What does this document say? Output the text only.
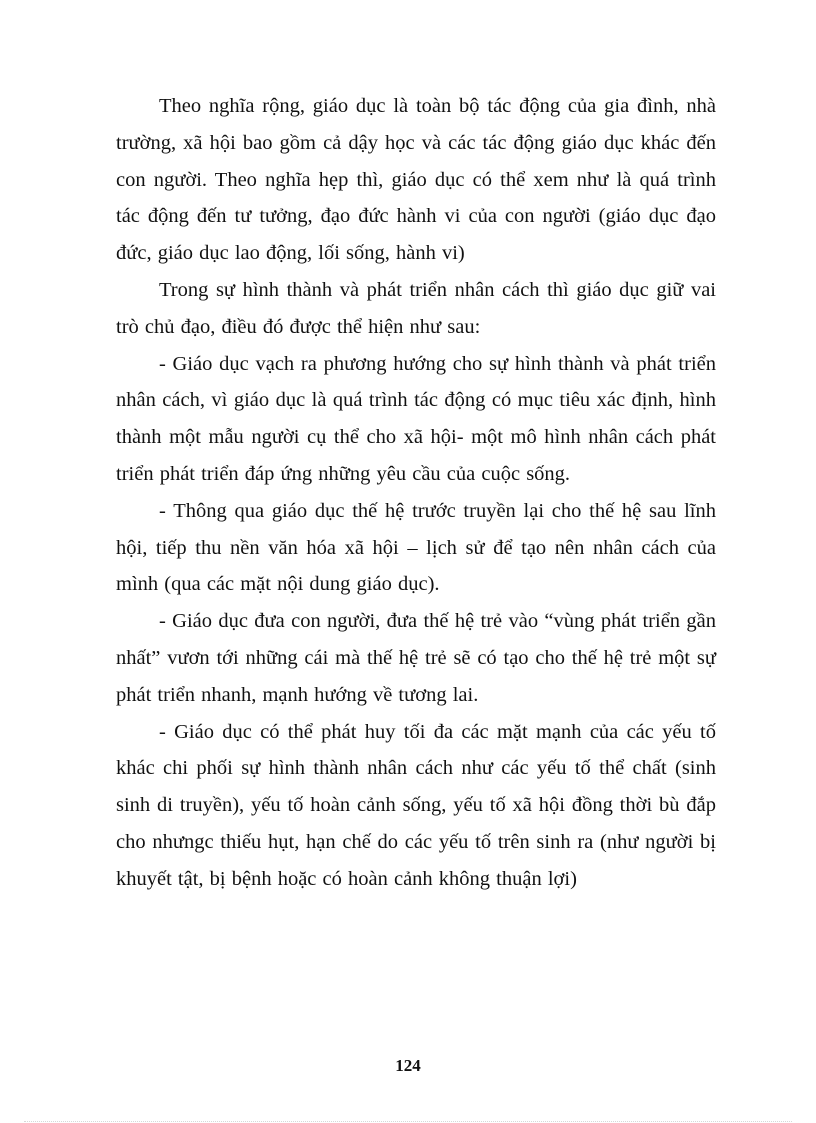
Theo nghĩa rộng, giáo dục là toàn bộ tác động của gia đình, nhà trường, xã hội bao gồm cả dậy học và các tác động giáo dục khác đến con người. Theo nghĩa hẹp thì, giáo dục có thể xem như là quá trình tác động đến tư tưởng, đạo đức hành vi của con người (giáo dục đạo đức, giáo dục lao động, lối sống, hành vi)

Trong sự hình thành và phát triển nhân cách thì giáo dục giữ vai trò chủ đạo, điều đó được thể hiện như sau:

- Giáo dục vạch ra phương hướng cho sự hình thành và phát triển nhân cách, vì giáo dục là quá trình tác động có mục tiêu xác định, hình thành một mẫu người cụ thể cho xã hội- một mô hình nhân cách phát triển phát triển đáp ứng những yêu cầu của cuộc sống.

- Thông qua giáo dục thế hệ trước truyền lại cho thế hệ sau lĩnh hội, tiếp thu nền văn hóa xã hội – lịch sử để tạo nên nhân cách của mình (qua các mặt nội dung giáo dục).

- Giáo dục đưa con người, đưa thế hệ trẻ vào “vùng phát triển gần nhất” vươn tới những cái mà thế hệ trẻ sẽ có tạo cho thế hệ trẻ một sự phát triển nhanh, mạnh hướng về tương lai.

- Giáo dục có thể phát huy tối đa các mặt mạnh của các yếu tố khác chi phối sự hình thành nhân cách như các yếu tố thể chất (sinh sinh di truyền), yếu tố hoàn cảnh sống, yếu tố xã hội đồng thời bù đắp cho nhưngc thiếu hụt, hạn chế do các yếu tố trên sinh ra (như người bị khuyết tật, bị bệnh hoặc có hoàn cảnh không thuận lợi)

124
